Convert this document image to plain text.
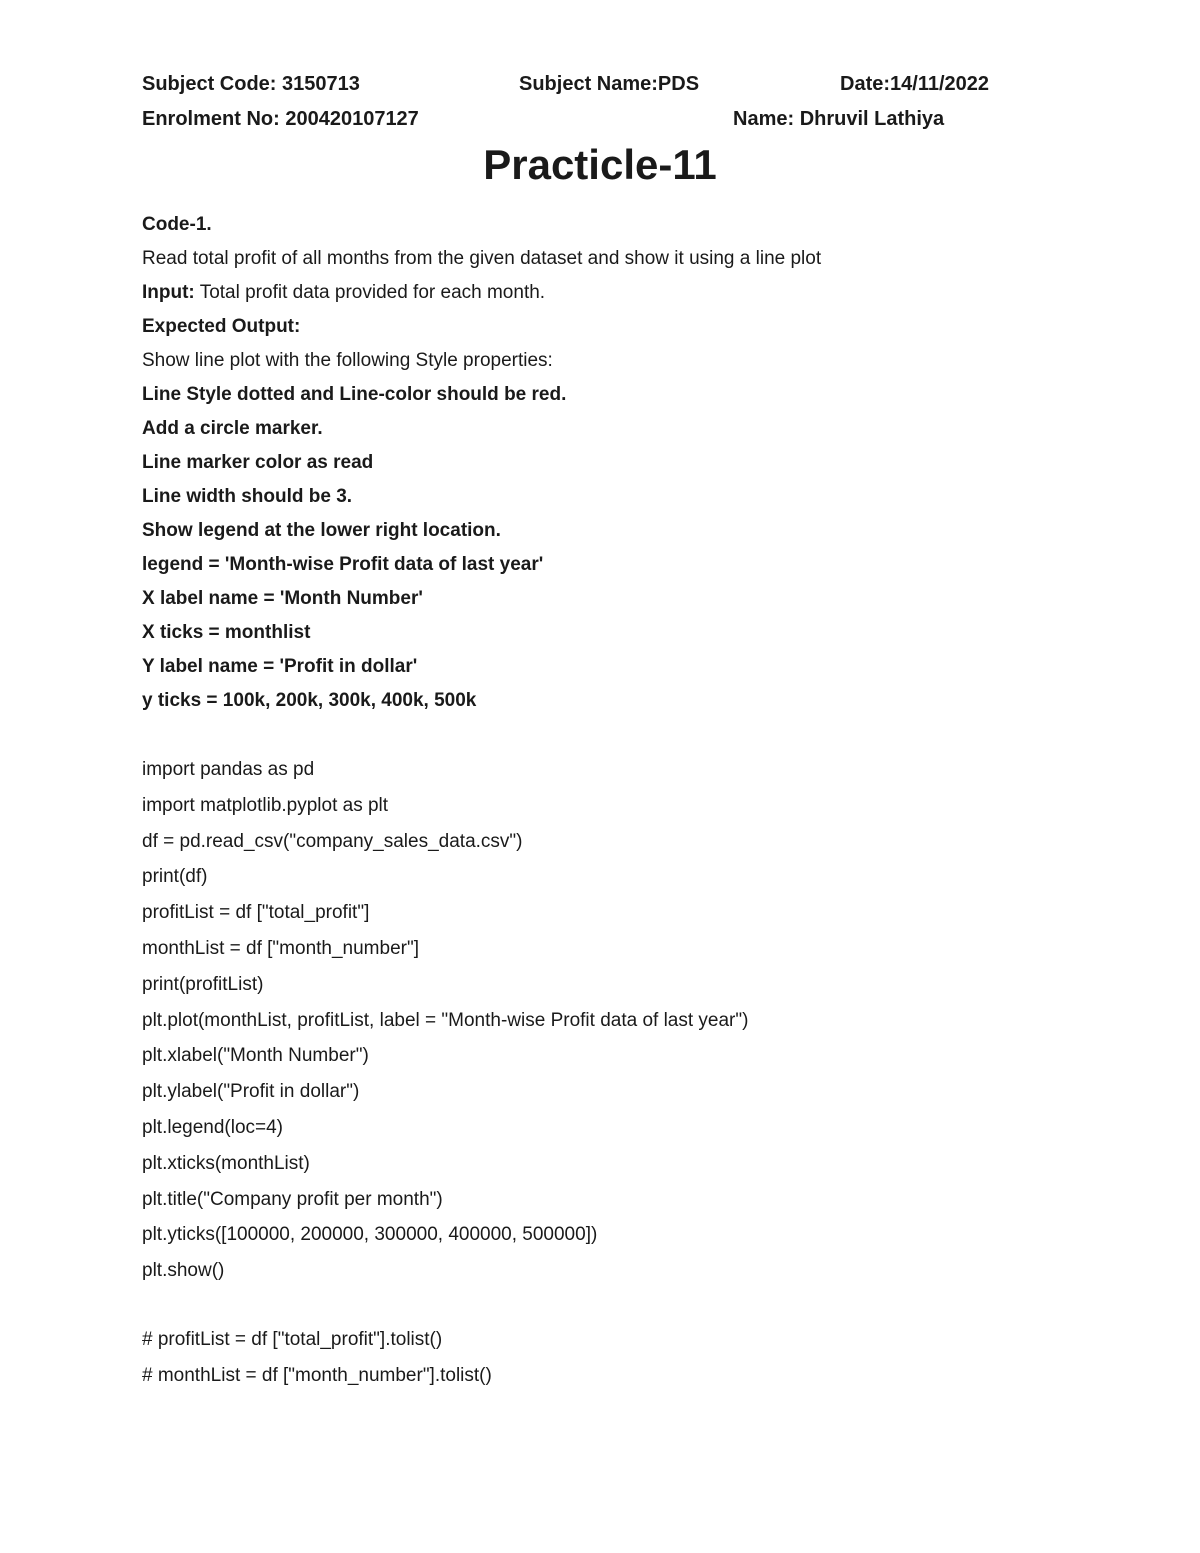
Subject Code: 3150713	Subject Name:PDS	Date:14/11/2022
Enrolment No: 200420107127	Name: Dhruvil Lathiya
Practicle-11
Code-1.
Read total profit of all months from the given dataset and show it using a line plot
Input: Total profit data provided for each month.
Expected Output:
Show line plot with the following Style properties:
Line Style dotted and Line-color should be red.
Add a circle marker.
Line marker color as read
Line width should be 3.
Show legend at the lower right location.
legend = 'Month-wise Profit data of last year'
X label name = 'Month Number'
X ticks = monthlist
Y label name = 'Profit in dollar'
y ticks = 100k, 200k, 300k, 400k, 500k
import pandas as pd
import matplotlib.pyplot as plt
df = pd.read_csv("company_sales_data.csv")
print(df)
profitList = df ["total_profit"]
monthList = df ["month_number"]
print(profitList)
plt.plot(monthList, profitList, label = "Month-wise Profit data of last year")
plt.xlabel("Month Number")
plt.ylabel("Profit in dollar")
plt.legend(loc=4)
plt.xticks(monthList)
plt.title("Company profit per month")
plt.yticks([100000, 200000, 300000, 400000, 500000])
plt.show()
# profitList = df ["total_profit"].tolist()
# monthList = df ["month_number"].tolist()
